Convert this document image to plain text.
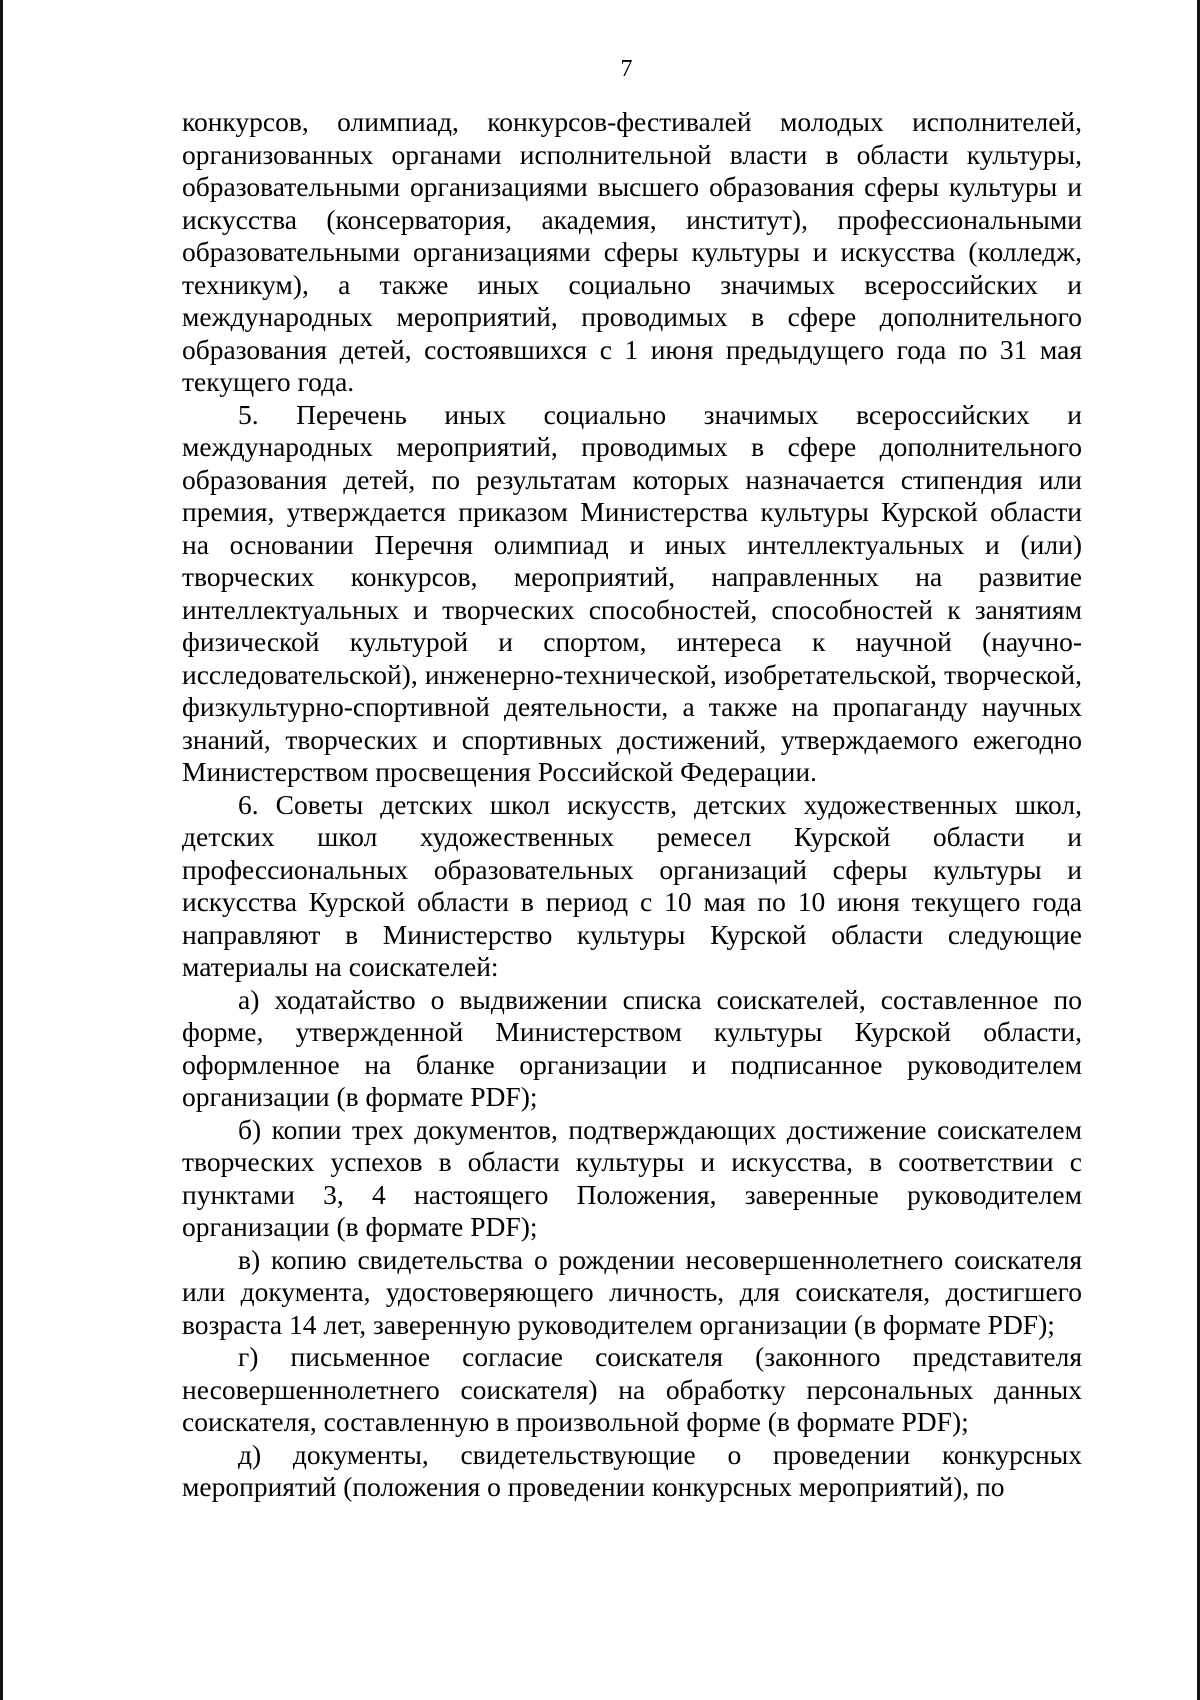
7

конкурсов, олимпиад, конкурсов-фестивалей молодых исполнителей, организованных органами исполнительной власти в области культуры, образовательными организациями высшего образования сферы культуры и искусства (консерватория, академия, институт), профессиональными образовательными организациями сферы культуры и искусства (колледж, техникум), а также иных социально значимых всероссийских и международных мероприятий, проводимых в сфере дополнительного образования детей, состоявшихся с 1 июня предыдущего года по 31 мая текущего года.

5. Перечень иных социально значимых всероссийских и международных мероприятий, проводимых в сфере дополнительного образования детей, по результатам которых назначается стипендия или премия, утверждается приказом Министерства культуры Курской области на основании Перечня олимпиад и иных интеллектуальных и (или) творческих конкурсов, мероприятий, направленных на развитие интеллектуальных и творческих способностей, способностей к занятиям физической культурой и спортом, интереса к научной (научно-исследовательской), инженерно-технической, изобретательской, творческой, физкультурно-спортивной деятельности, а также на пропаганду научных знаний, творческих и спортивных достижений, утверждаемого ежегодно Министерством просвещения Российской Федерации.

6. Советы детских школ искусств, детских художественных школ, детских школ художественных ремесел Курской области и профессиональных образовательных организаций сферы культуры и искусства Курской области в период с 10 мая по 10 июня текущего года направляют в Министерство культуры Курской области следующие материалы на соискателей:

а) ходатайство о выдвижении списка соискателей, составленное по форме, утвержденной Министерством культуры Курской области, оформленное на бланке организации и подписанное руководителем организации (в формате PDF);

б) копии трех документов, подтверждающих достижение соискателем творческих успехов в области культуры и искусства, в соответствии с пунктами 3, 4 настоящего Положения, заверенные руководителем организации (в формате PDF);

в) копию свидетельства о рождении несовершеннолетнего соискателя или документа, удостоверяющего личность, для соискателя, достигшего возраста 14 лет, заверенную руководителем организации (в формате PDF);

г) письменное согласие соискателя (законного представителя несовершеннолетнего соискателя) на обработку персональных данных соискателя, составленную в произвольной форме (в формате PDF);

д) документы, свидетельствующие о проведении конкурсных мероприятий (положения о проведении конкурсных мероприятий), по
